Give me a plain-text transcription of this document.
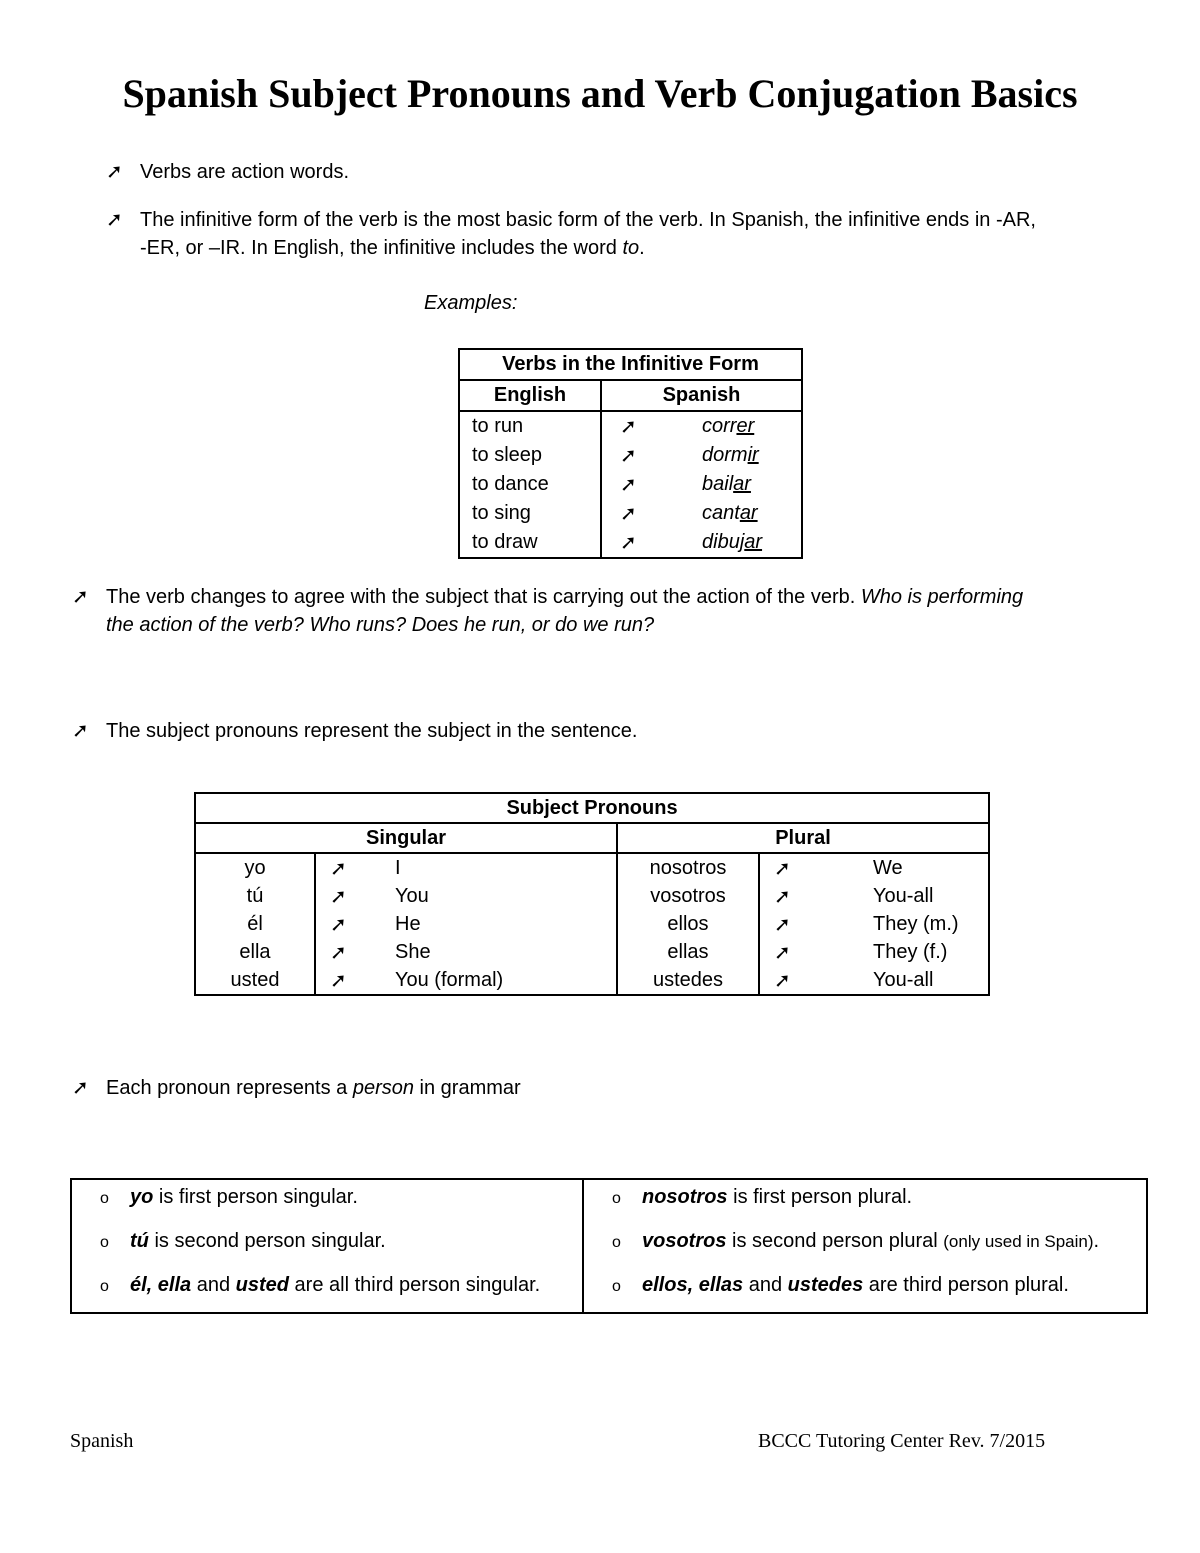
Spanish Subject Pronouns and Verb Conjugation Basics
➚ Verbs are action words.
➚ The infinitive form of the verb is the most basic form of the verb. In Spanish, the infinitive ends in -AR,
-ER, or –IR. In English, the infinitive includes the word to.
Examples:
Verbs in the Infinitive Form		
English	Spanish	
to run	➚	correr
to sleep	➚	dormir
to dance	➚	bailar
to sing	➚	cantar
to draw	➚	dibujar
➚ The verb changes to agree with the subject that is carrying out the action of the verb. Who is performing
the action of the verb? Who runs? Does he run, or do we run?
➚ The subject pronouns represent the subject in the sentence.
Subject Pronouns					
Singular			Plural		
yo	➚	I	nosotros	➚	We
tú	➚	You	vosotros	➚	You-all
él	➚	He	ellos	➚	They (m.)
ella	➚	She	ellas	➚	They (f.)
usted	➚	You (formal)	ustedes	➚	You-all
➚ Each pronoun represents a person in grammar
o yo is first person singular.
o tú is second person singular.
o él, ella and usted are all third person singular.

o nosotros is first person plural.
o vosotros is second person plural (only used in Spain).
o ellos, ellas and ustedes are third person plural.
Spanish	BCCC Tutoring Center Rev. 7/2015
